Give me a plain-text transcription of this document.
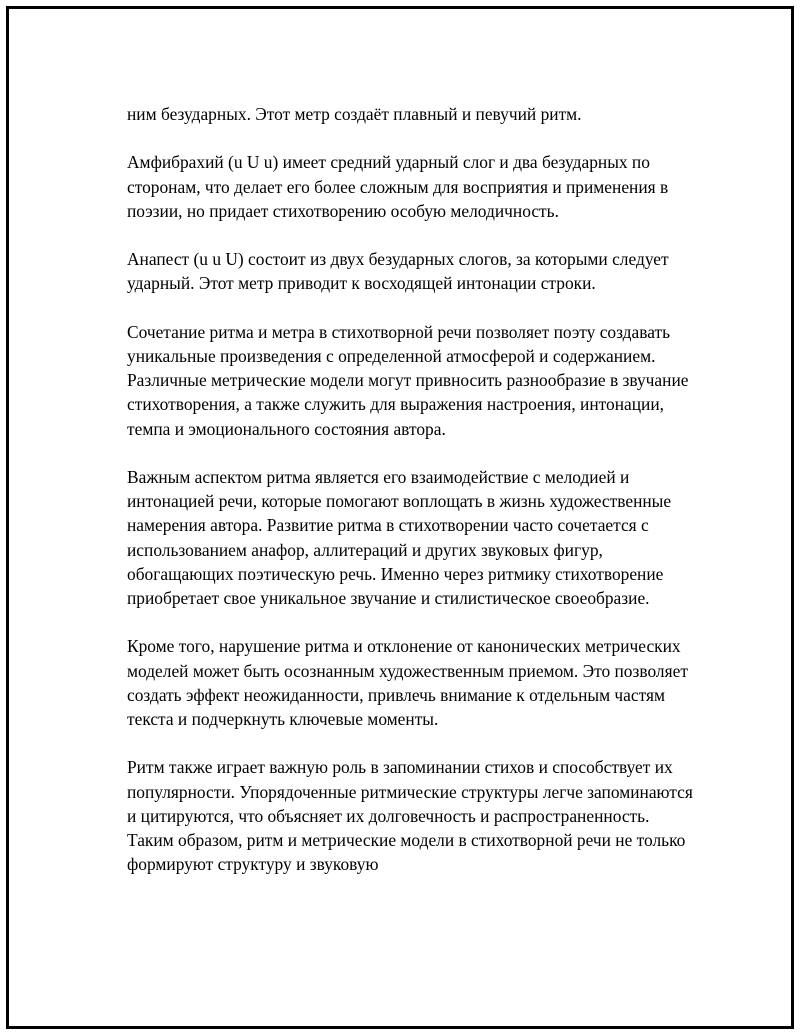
ним безударных. Этот метр создаёт плавный и певучий ритм.

Амфибрахий (u U u) имеет средний ударный слог и два безударных по сторонам, что делает его более сложным для восприятия и применения в поэзии, но придает стихотворению особую мелодичность.

Анапест (u u U) состоит из двух безударных слогов, за которыми следует ударный. Этот метр приводит к восходящей интонации строки.

Сочетание ритма и метра в стихотворной речи позволяет поэту создавать уникальные произведения с определенной атмосферой и содержанием. Различные метрические модели могут привносить разнообразие в звучание стихотворения, а также служить для выражения настроения, интонации, темпа и эмоционального состояния автора.

Важным аспектом ритма является его взаимодействие с мелодией и интонацией речи, которые помогают воплощать в жизнь художественные намерения автора. Развитие ритма в стихотворении часто сочетается с использованием анафор, аллитераций и других звуковых фигур, обогащающих поэтическую речь. Именно через ритмику стихотворение приобретает свое уникальное звучание и стилистическое своеобразие.

Кроме того, нарушение ритма и отклонение от канонических метрических моделей может быть осознанным художественным приемом. Это позволяет создать эффект неожиданности, привлечь внимание к отдельным частям текста и подчеркнуть ключевые моменты.

Ритм также играет важную роль в запоминании стихов и способствует их популярности. Упорядоченные ритмические структуры легче запоминаются и цитируются, что объясняет их долговечность и распространенность. Таким образом, ритм и метрические модели в стихотворной речи не только формируют структуру и звуковую
